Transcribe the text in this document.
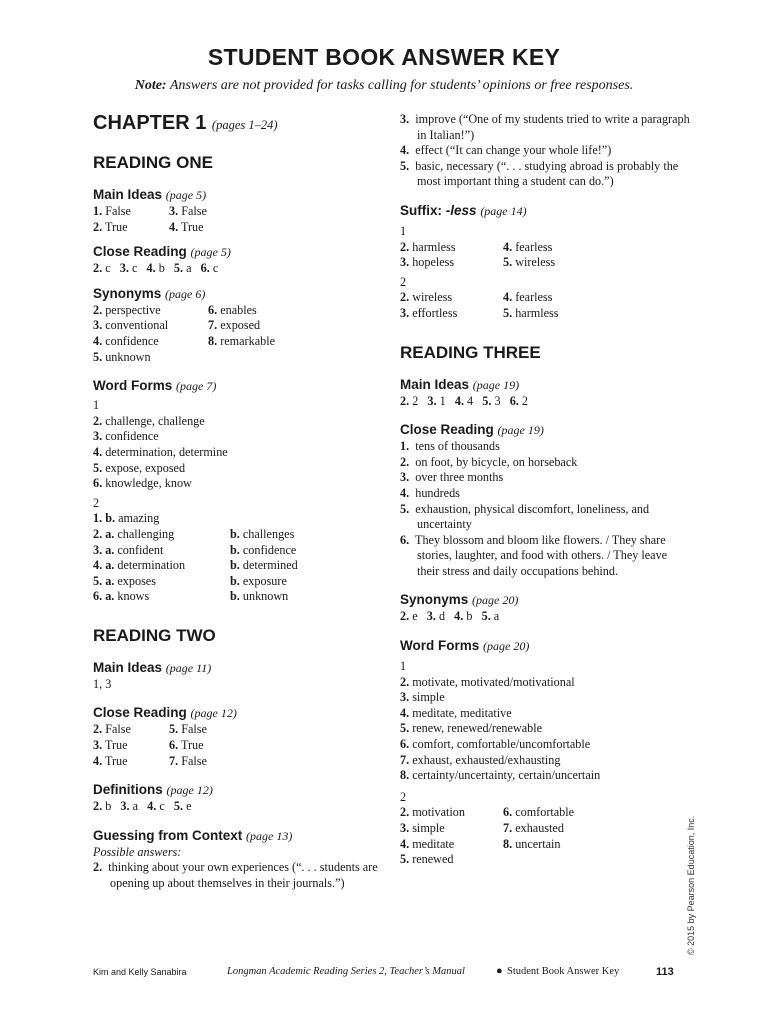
STUDENT BOOK ANSWER KEY
Note: Answers are not provided for tasks calling for students’ opinions or free responses.
CHAPTER 1 (pages 1–24)
READING ONE
Main Ideas (page 5)
1. False	3. False
2. True	4. True
Close Reading (page 5)
2. c 3. c 4. b 5. a 6. c
Synonyms (page 6)
2. perspective	6. enables
3. conventional	7. exposed
4. confidence	8. remarkable
5. unknown
Word Forms (page 7)
1
2. challenge, challenge
3. confidence
4. determination, determine
5. expose, exposed
6. knowledge, know
2
1. b. amazing
2. a. challenging	b. challenges
3. a. confident	b. confidence
4. a. determination	b. determined
5. a. exposes	b. exposure
6. a. knows	b. unknown
READING TWO
Main Ideas (page 11)
1, 3
Close Reading (page 12)
2. False	5. False
3. True	6. True
4. True	7. False
Definitions (page 12)
2. b 3. a 4. c 5. e
Guessing from Context (page 13)
Possible answers:
2. thinking about your own experiences (“. . . students are opening up about themselves in their journals.”)
3. improve (“One of my students tried to write a paragraph in Italian!”)
4. effect (“It can change your whole life!”)
5. basic, necessary (“. . . studying abroad is probably the most important thing a student can do.”)
Suffix: -less (page 14)
1
2. harmless	4. fearless
3. hopeless	5. wireless
2
2. wireless	4. fearless
3. effortless	5. harmless
READING THREE
Main Ideas (page 19)
2. 2 3. 1 4. 4 5. 3 6. 2
Close Reading (page 19)
1. tens of thousands
2. on foot, by bicycle, on horseback
3. over three months
4. hundreds
5. exhaustion, physical discomfort, loneliness, and uncertainty
6. They blossom and bloom like flowers. / They share stories, laughter, and food with others. / They leave their stress and daily occupations behind.
Synonyms (page 20)
2. e 3. d 4. b 5. a
Word Forms (page 20)
1
2. motivate, motivated/motivational
3. simple
4. meditate, meditative
5. renew, renewed/renewable
6. comfort, comfortable/uncomfortable
7. exhaust, exhausted/exhausting
8. certainty/uncertainty, certain/uncertain
2
2. motivation	6. comfortable
3. simple	7. exhausted
4. meditate	8. uncertain
5. renewed	© 2015 by Pearson Education, Inc.
Kim and Kelly Sanabira	Longman Academic Reading Series 2, Teacher’s Manual	● Student Book Answer Key	113
